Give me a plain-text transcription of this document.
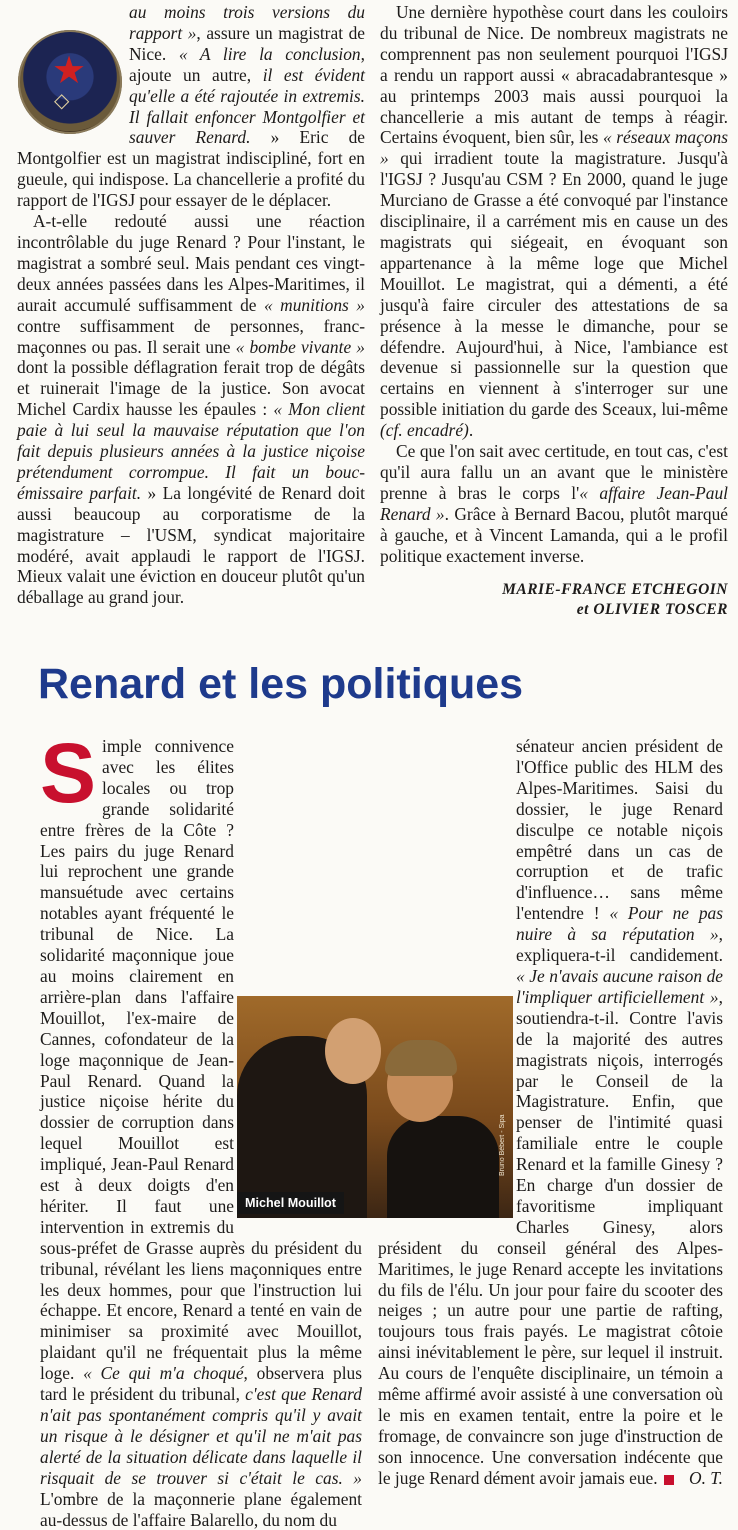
★
◇

au moins trois versions du rapport », assure un magistrat de Nice. « A lire la conclusion, ajoute un autre, il est évident qu'elle a été rajoutée in extremis. Il fallait enfoncer Montgolfier et sauver Renard. » Eric de Montgolfier est un magistrat indiscipliné, fort en gueule, qui indispose. La chancellerie a profité du rapport de l'IGSJ pour essayer de le déplacer.

A-t-elle redouté aussi une réaction incontrôlable du juge Renard ? Pour l'instant, le magistrat a sombré seul. Mais pendant ces vingt-deux années passées dans les Alpes-Maritimes, il aurait accumulé suffisamment de « munitions » contre suffisamment de personnes, franc-maçonnes ou pas. Il serait une « bombe vivante » dont la possible déflagration ferait trop de dégâts et ruinerait l'image de la justice. Son avocat Michel Cardix hausse les épaules : « Mon client paie à lui seul la mauvaise réputation que l'on fait depuis plusieurs années à la justice niçoise prétendument corrompue. Il fait un bouc-émissaire parfait. » La longévité de Renard doit aussi beaucoup au corporatisme de la magistrature – l'USM, syndicat majoritaire modéré, avait applaudi le rapport de l'IGSJ. Mieux valait une éviction en douceur plutôt qu'un déballage au grand jour.

Une dernière hypothèse court dans les couloirs du tribunal de Nice. De nombreux magistrats ne comprennent pas non seulement pourquoi l'IGSJ a rendu un rapport aussi « abracadabrantesque » au printemps 2003 mais aussi pourquoi la chancellerie a mis autant de temps à réagir. Certains évoquent, bien sûr, les « réseaux maçons » qui irradient toute la magistrature. Jusqu'à l'IGSJ ? Jusqu'au CSM ? En 2000, quand le juge Murciano de Grasse a été convoqué par l'instance disciplinaire, il a carrément mis en cause un des magistrats qui siégeait, en évoquant son appartenance à la même loge que Michel Mouillot. Le magistrat, qui a démenti, a été jusqu'à faire circuler des attestations de sa présence à la messe le dimanche, pour se défendre. Aujourd'hui, à Nice, l'ambiance est devenue si passionnelle sur la question que certains en viennent à s'interroger sur une possible initiation du garde des Sceaux, lui-même (cf. encadré).

Ce que l'on sait avec certitude, en tout cas, c'est qu'il aura fallu un an avant que le ministère prenne à bras le corps l'« affaire Jean-Paul Renard ». Grâce à Bernard Bacou, plutôt marqué à gauche, et à Vincent Lamanda, qui a le profil politique exactement inverse.

MARIE-FRANCE ETCHEGOIN
et OLIVIER TOSCER
Renard et les politiques
S imple connivence avec les élites locales ou trop grande solidarité entre frères de la Côte ? Les pairs du juge Renard lui reprochent une grande mansuétude avec certains notables ayant fréquenté le tribunal de Nice. La solidarité maçonnique joue au moins clairement en arrière-plan dans l'affaire Mouillot, l'ex-maire de Cannes, cofondateur de la loge maçonnique de Jean-Paul Renard. Quand la justice niçoise hérite du dossier de corruption dans lequel Mouillot est impliqué, Jean-Paul Renard est à deux doigts d'en hériter. Il faut une intervention in extremis du sous-préfet de Grasse auprès du président du tribunal, révélant les liens maçonniques entre les deux hommes, pour que l'instruction lui échappe. Et encore, Renard a tenté en vain de minimiser sa proximité avec Mouillot, plaidant qu'il ne fréquentait plus la même loge. « Ce qui m'a choqué, observera plus tard le président du tribunal, c'est que Renard n'ait pas spontanément compris qu'il y avait un risque à le désigner et qu'il ne m'ait pas alerté de la situation délicate dans laquelle il risquait de se trouver si c'était le cas. » L'ombre de la maçonnerie plane également au-dessus de l'affaire Balarello, du nom du
sénateur ancien président de l'Office public des HLM des Alpes-Maritimes. Saisi du dossier, le juge Renard disculpe ce notable niçois empêtré dans un cas de corruption et de trafic d'influence… sans même l'entendre ! « Pour ne pas nuire à sa réputation », expliquera-t-il candidement. « Je n'avais aucune raison de l'impliquer artificiellement », soutiendra-t-il. Contre l'avis de la majorité des autres magistrats niçois, interrogés par le Conseil de la Magistrature. Enfin, que penser de l'intimité quasi familiale entre le couple Renard et la famille Ginesy ? En charge d'un dossier de favoritisme impliquant Charles Ginesy, alors président du conseil général des Alpes-Maritimes, le juge Renard accepte les invitations du fils de l'élu. Un jour pour faire du scooter des neiges ; un autre pour une partie de rafting, toujours tous frais payés. Le magistrat côtoie ainsi inévitablement le père, sur lequel il instruit. Au cours de l'enquête disciplinaire, un témoin a même affirmé avoir assisté à une conversation où le mis en examen tentait, entre la poire et le fromage, de convaincre son juge d'instruction de son innocence. Une conversation indécente que le juge Renard dément avoir jamais eue. O. T.
Michel Mouillot
Bruno Bébert - Sipa
